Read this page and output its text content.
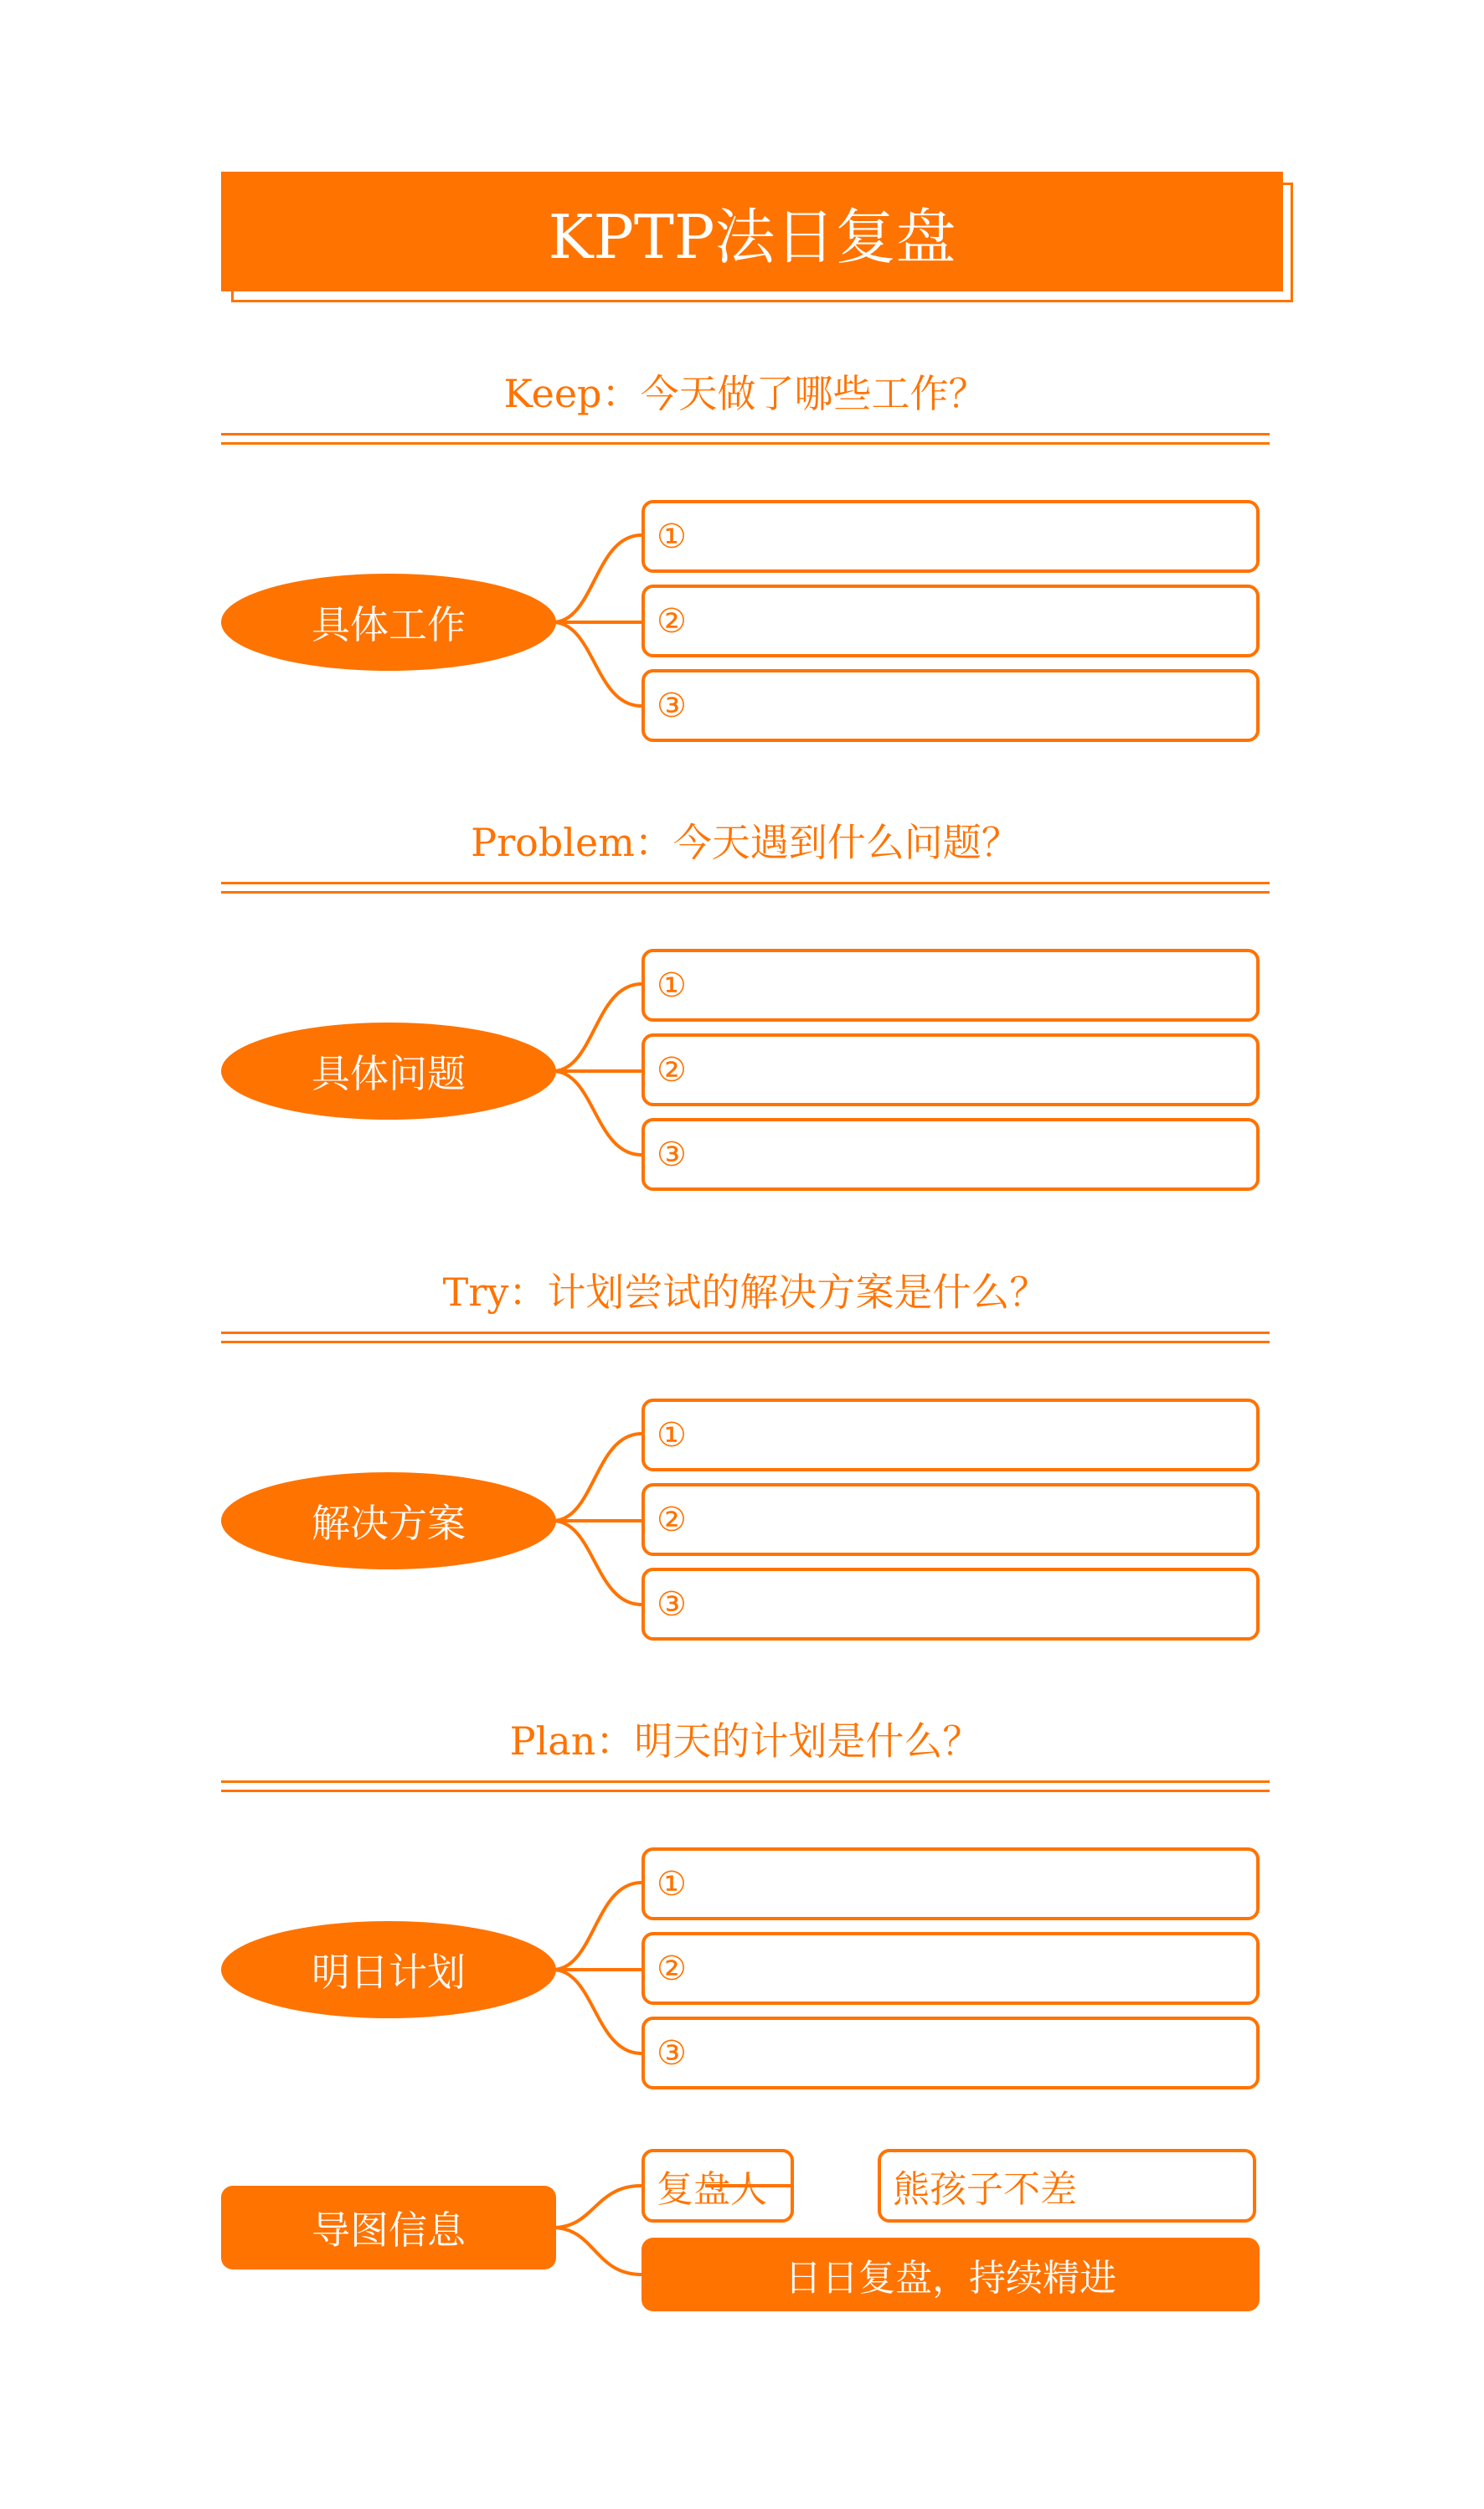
KPTP法日复盘
Keep：今天做了哪些工作？
具体工作
①
②
③
Problem：今天遇到什么问题？
具体问题
①
②
③
Try：计划尝试的解决方案是什么？
解决方案
①
②
③
Plan：明天的计划是什么？
明日计划
①
②
③
导图信息
复盘人	熊孩子不差
日日复盘，持续精进
